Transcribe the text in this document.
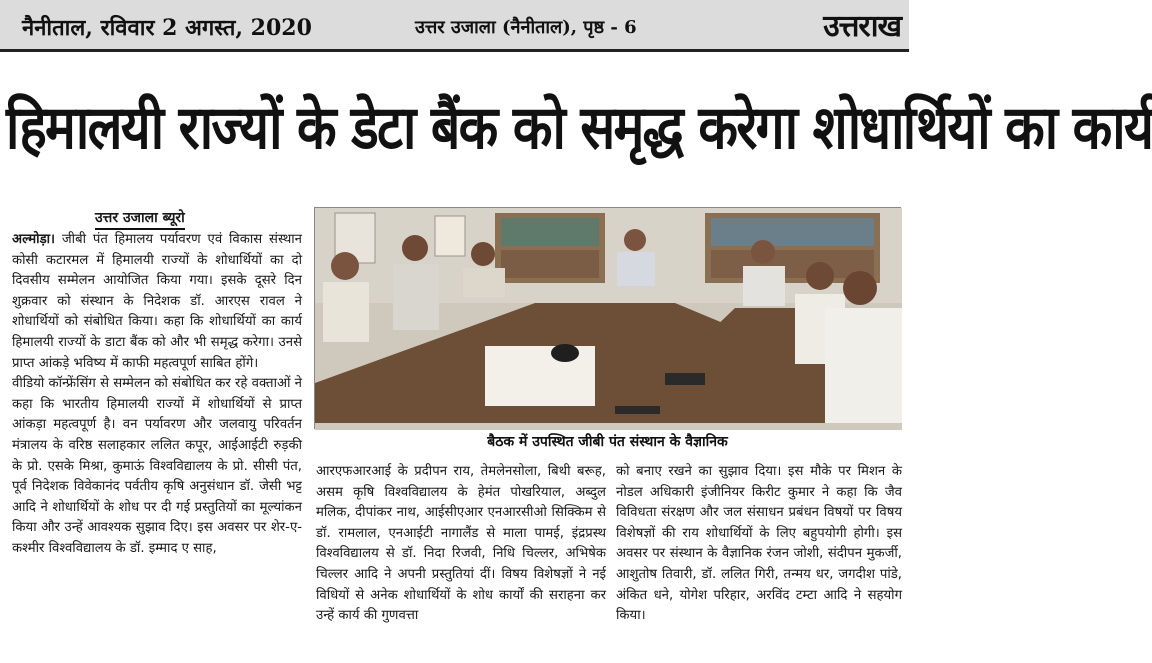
नैनीताल, रविवार 2 अगस्त, 2020	उत्तर उजाला (नैनीताल), पृष्ठ - 6	उत्तराख
हिमालयी राज्यों के डेटा बैंक को समृद्ध करेगा शोधार्थियों का कार्य
उत्तर उजाला ब्यूरो

अल्मोड़ा। जीबी पंत हिमालय पर्यावरण एवं विकास संस्थान कोसी कटारमल में हिमालयी राज्यों के शोधार्थियों का दो दिवसीय सम्मेलन आयोजित किया गया। इसके दूसरे दिन शुक्रवार को संस्थान के निदेशक डॉ. आरएस रावल ने शोधार्थियों को संबोधित किया। कहा कि शोधार्थियों का कार्य हिमालयी राज्यों के डाटा बैंक को और भी समृद्ध करेगा। उनसे प्राप्त आंकड़े भविष्य में काफी महत्वपूर्ण साबित होंगे।

वीडियो कॉन्फ्रेंसिंग से सम्मेलन को संबोधित कर रहे वक्ताओं ने कहा कि भारतीय हिमालयी राज्यों में शोधार्थियों से प्राप्त आंकड़ा महत्वपूर्ण है। वन पर्यावरण और जलवायु परिवर्तन मंत्रालय के वरिष्ठ सलाहकार ललित कपूर, आईआईटी रुड़की के प्रो. एसके मिश्रा, कुमाऊं विश्वविद्यालय के प्रो. सीसी पंत, पूर्व निदेशक विवेकानंद पर्वतीय कृषि अनुसंधान डॉ. जेसी भट्ट आदि ने शोधार्थियों के शोध पर दी गई प्रस्तुतियों का मूल्यांकन किया और उन्हें आवश्यक सुझाव दिए। इस अवसर पर शेर-ए-कश्मीर विश्वविद्यालय के डॉ. इम्माद ए साह,

बैठक में उपस्थित जीबी पंत संस्थान के वैज्ञानिक

आरएफआरआई के प्रदीपन राय, तेमलेनसोला, बिथी बरूह, असम कृषि विश्वविद्यालय के हेमंत पोखरियाल, अब्दुल मलिक, दीपांकर नाथ, आईसीएआर एनआरसीओ सिक्किम से डॉ. रामलाल, एनआईटी नागालैंड से माला पामई, इंद्रप्रस्थ विश्वविद्यालय से डॉ. निदा रिजवी, निधि चिल्लर, अभिषेक चिल्लर आदि ने अपनी प्रस्तुतियां दीं। विषय विशेषज्ञों ने नई विधियों से अनेक शोधार्थियों के शोध कार्यों की सराहना कर उन्हें कार्य की गुणवत्ता

को बनाए रखने का सुझाव दिया। इस मौके पर मिशन के नोडल अधिकारी इंजीनियर किरीट कुमार ने कहा कि जैव विविधता संरक्षण और जल संसाधन प्रबंधन विषयों पर विषय विशेषज्ञों की राय शोधार्थियों के लिए बहुपयोगी होगी। इस अवसर पर संस्थान के वैज्ञानिक रंजन जोशी, संदीपन मुकर्जी, आशुतोष तिवारी, डॉ. ललित गिरी, तन्मय धर, जगदीश पांडे, अंकित धने, योगेश परिहार, अरविंद टम्टा आदि ने सहयोग किया।
